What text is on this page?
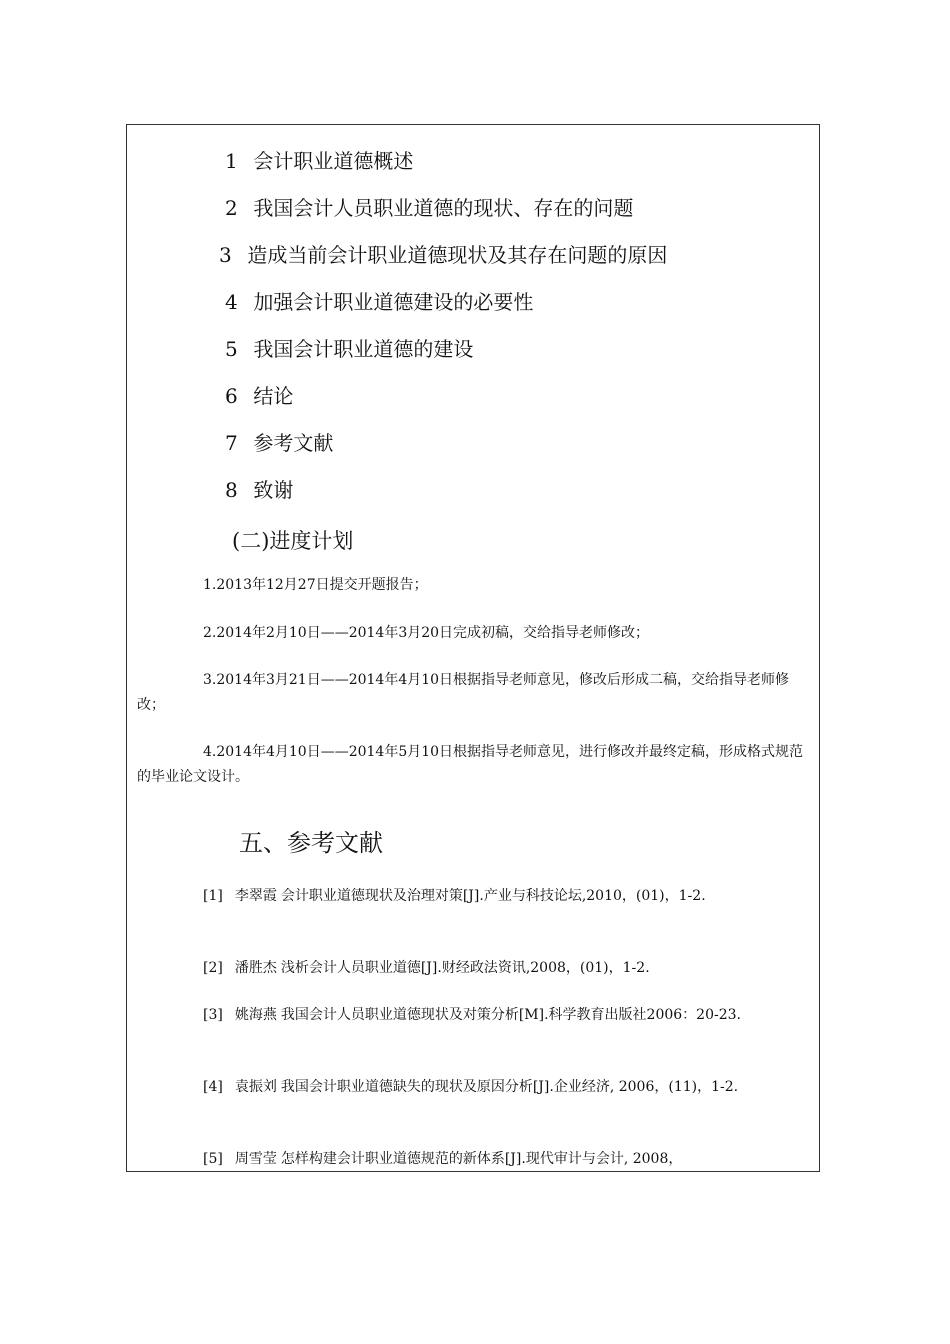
1 会计职业道德概述
2 我国会计人员职业道德的现状、存在的问题
3 造成当前会计职业道德现状及其存在问题的原因
4 加强会计职业道德建设的必要性
5 我国会计职业道德的建设
6 结论
7 参考文献
8 致谢
(二)进度计划
1.2013年12月27日提交开题报告；
2.2014年2月10日——2014年3月20日完成初稿，交给指导老师修改；
3.2014年3月21日——2014年4月10日根据指导老师意见，修改后形成二稿，交给指导老师修改；
4.2014年4月10日——2014年5月10日根据指导老师意见，进行修改并最终定稿，形成格式规范的毕业论文设计。
五、参考文献
[1] 李翠霞 会计职业道德现状及治理对策[J].产业与科技论坛,2010，(01)，1-2.
[2] 潘胜杰 浅析会计人员职业道德[J].财经政法资讯,2008，(01)，1-2.
[3] 姚海燕 我国会计人员职业道德现状及对策分析[M].科学教育出版社2006：20-23.
[4] 袁振刘 我国会计职业道德缺失的现状及原因分析[J].企业经济, 2006，(11)，1-2.
[5] 周雪莹 怎样构建会计职业道德规范的新体系[J].现代审计与会计, 2008，
